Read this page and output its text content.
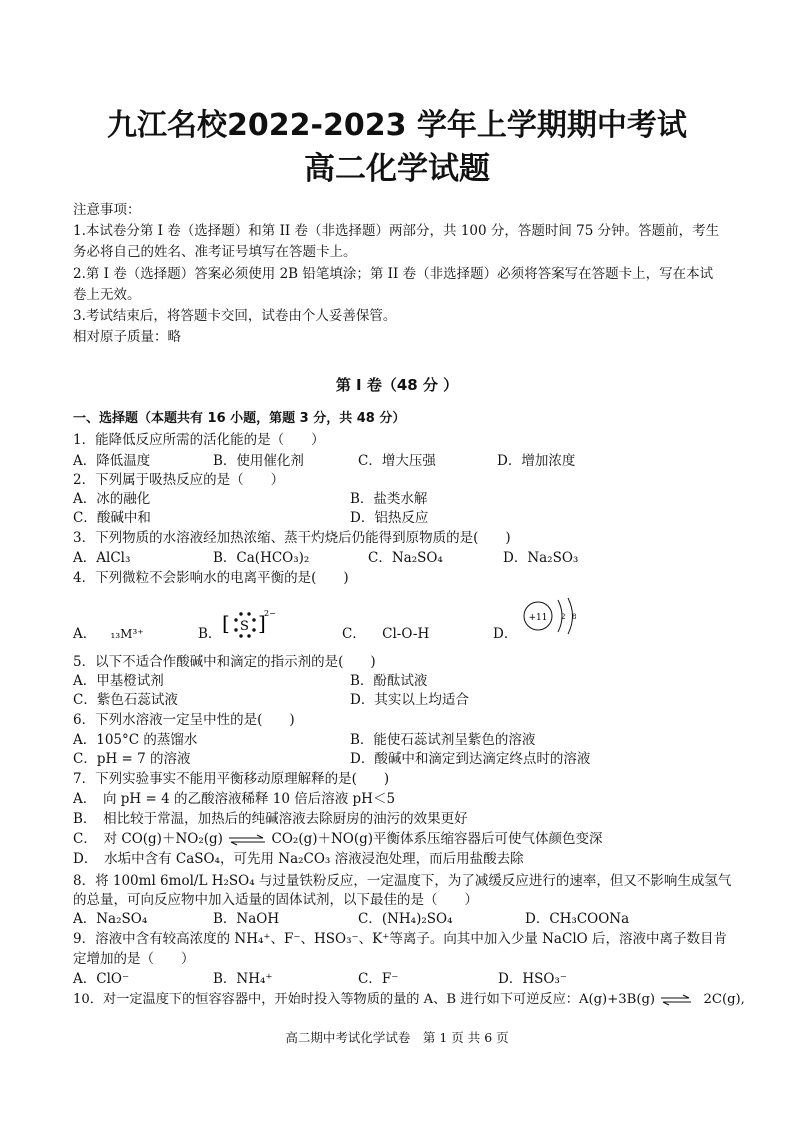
九江名校2022-2023 学年上学期期中考试
高二化学试题
注意事项：
1.本试卷分第 I 卷（选择题）和第 II 卷（非选择题）两部分，共 100 分，答题时间 75 分钟。答题前，考生
务必将自己的姓名、准考证号填写在答题卡上。
2.第 I 卷（选择题）答案必须使用 2B 铅笔填涂；第 II 卷（非选择题）必须将答案写在答题卡上，写在本试
卷上无效。
3.考试结束后，将答题卡交回，试卷由个人妥善保管。
相对原子质量：略
第 I 卷（48 分 ）
一、选择题（本题共有 16 小题，第题 3 分，共 48 分）
1．能降低反应所需的活化能的是（　　）
A．降低温度	B．使用催化剂	C．增大压强	D．增加浓度
2．下列属于吸热反应的是（　　）
A．冰的融化	B．盐类水解
C．酸碱中和	D．铝热反应
3．下列物质的水溶液经加热浓缩、蒸干灼烧后仍能得到原物质的是(　　)
A．AlCl₃	B．Ca(HCO₃)₂	C．Na₂SO₄	D．Na₂SO₃
4．下列微粒不会影响水的电离平衡的是(　　)
A． ₁₃M³⁺	B． [ S ]
2−
C． Cl-O-H	D．
+11 2 8
5．以下不适合作酸碱中和滴定的指示剂的是(　　)
A．甲基橙试剂	B．酚酞试液
C．紫色石蕊试液	D．其实以上均适合
6．下列水溶液一定呈中性的是(　　)
A．105°C 的蒸馏水	B．能使石蕊试剂呈紫色的溶液
C．pH = 7 的溶液	D．酸碱中和滴定到达滴定终点时的溶液
7．下列实验事实不能用平衡移动原理解释的是(　　)
A．　向 pH = 4 的乙酸溶液稀释 10 倍后溶液 pH＜5
B．　相比较于常温，加热后的纯碱溶液去除厨房的油污的效果更好
C．　对 CO(g)＋NO₂(g) ⇌ CO₂(g)＋NO(g)平衡体系压缩容器后可使气体颜色变深
D．　水垢中含有 CaSO₄，可先用 Na₂CO₃ 溶液浸泡处理，而后用盐酸去除
8．将 100ml 6mol/L H₂SO₄ 与过量铁粉反应，一定温度下，为了减缓反应进行的速率，但又不影响生成氢气
的总量，可向反应物中加入适量的固体试剂，以下最佳的是（　　）
A．Na₂SO₄	B．NaOH	C．(NH₄)₂SO₄	D．CH₃COONa
9．溶液中含有较高浓度的 NH₄⁺、F⁻、HSO₃⁻、K⁺等离子。向其中加入少量 NaClO 后，溶液中离子数目肯
定增加的是（　　）
A．ClO⁻	B．NH₄⁺	C．F⁻	D．HSO₃⁻
10．对一定温度下的恒容容器中，开始时投入等物质的量的 A、B 进行如下可逆反应：A(g)+3B(g) ⇌ 2C(g),
高二期中考试化学试卷　第 1 页 共 6 页
